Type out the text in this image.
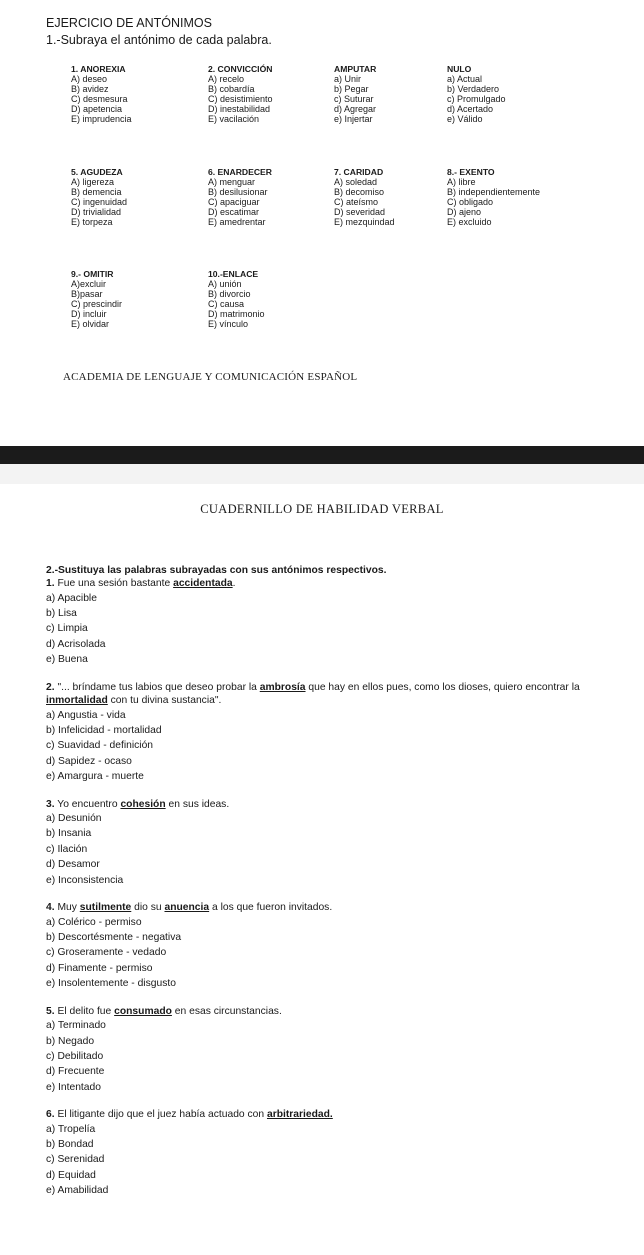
EJERCICIO DE ANTÓNIMOS
1.-Subraya el antónimo de cada palabra.
1. ANOREXIA
A) deseo
B) avidez
C) desmesura
D) apetencia
E) imprudencia
2. CONVICCIÓN
A) recelo
B) cobardía
C) desistimiento
D) inestabilidad
E) vacilación
AMPUTAR
a) Unir
b) Pegar
c) Suturar
d) Agregar
e) Injertar
NULO
a) Actual
b) Verdadero
c) Promulgado
d) Acertado
e) Válido
5. AGUDEZA
A) ligereza
B) demencia
C) ingenuidad
D) trivialidad
E) torpeza
6. ENARDECER
A) menguar
B) desilusionar
C) apaciguar
D) escatimar
E) amedrentar
7. CARIDAD
A) soledad
B) decomiso
C) ateísmo
D) severidad
E) mezquindad
8.- EXENTO
A) libre
B) independientemente
C) obligado
D) ajeno
E) excluido
9.- OMITIR
A)excluir
B)pasar
C) prescindir
D) incluir
E) olvidar
10.-ENLACE
A) unión
B) divorcio
C) causa
D) matrimonio
E) vínculo
ACADEMIA DE LENGUAJE Y COMUNICACIÓN ESPAÑOL
CUADERNILLO DE HABILIDAD VERBAL
2.-Sustituya las palabras subrayadas con sus antónimos respectivos.
1. Fue una sesión bastante accidentada.
a) Apacible
b) Lisa
c) Limpia
d) Acrisolada
e) Buena
2. "... bríndame tus labios que deseo probar la ambrosía que hay en ellos pues, como los dioses, quiero encontrar la inmortalidad con tu divina sustancia".
a) Angustia - vida
b) Infelicidad - mortalidad
c) Suavidad - definición
d) Sapidez - ocaso
e) Amargura - muerte
3. Yo encuentro cohesión en sus ideas.
a) Desunión
b) Insania
c) Ilación
d) Desamor
e) Inconsistencia
4. Muy sutilmente dio su anuencia a los que fueron invitados.
a) Colérico - permiso
b) Descortésmente - negativa
c) Groseramente - vedado
d) Finamente - permiso
e) Insolentemente - disgusto
5. El delito fue consumado en esas circunstancias.
a) Terminado
b) Negado
c) Debilitado
d) Frecuente
e) Intentado
6. El litigante dijo que el juez había actuado con arbitrariedad.
a) Tropelía
b) Bondad
c) Serenidad
d) Equidad
e) Amabilidad
